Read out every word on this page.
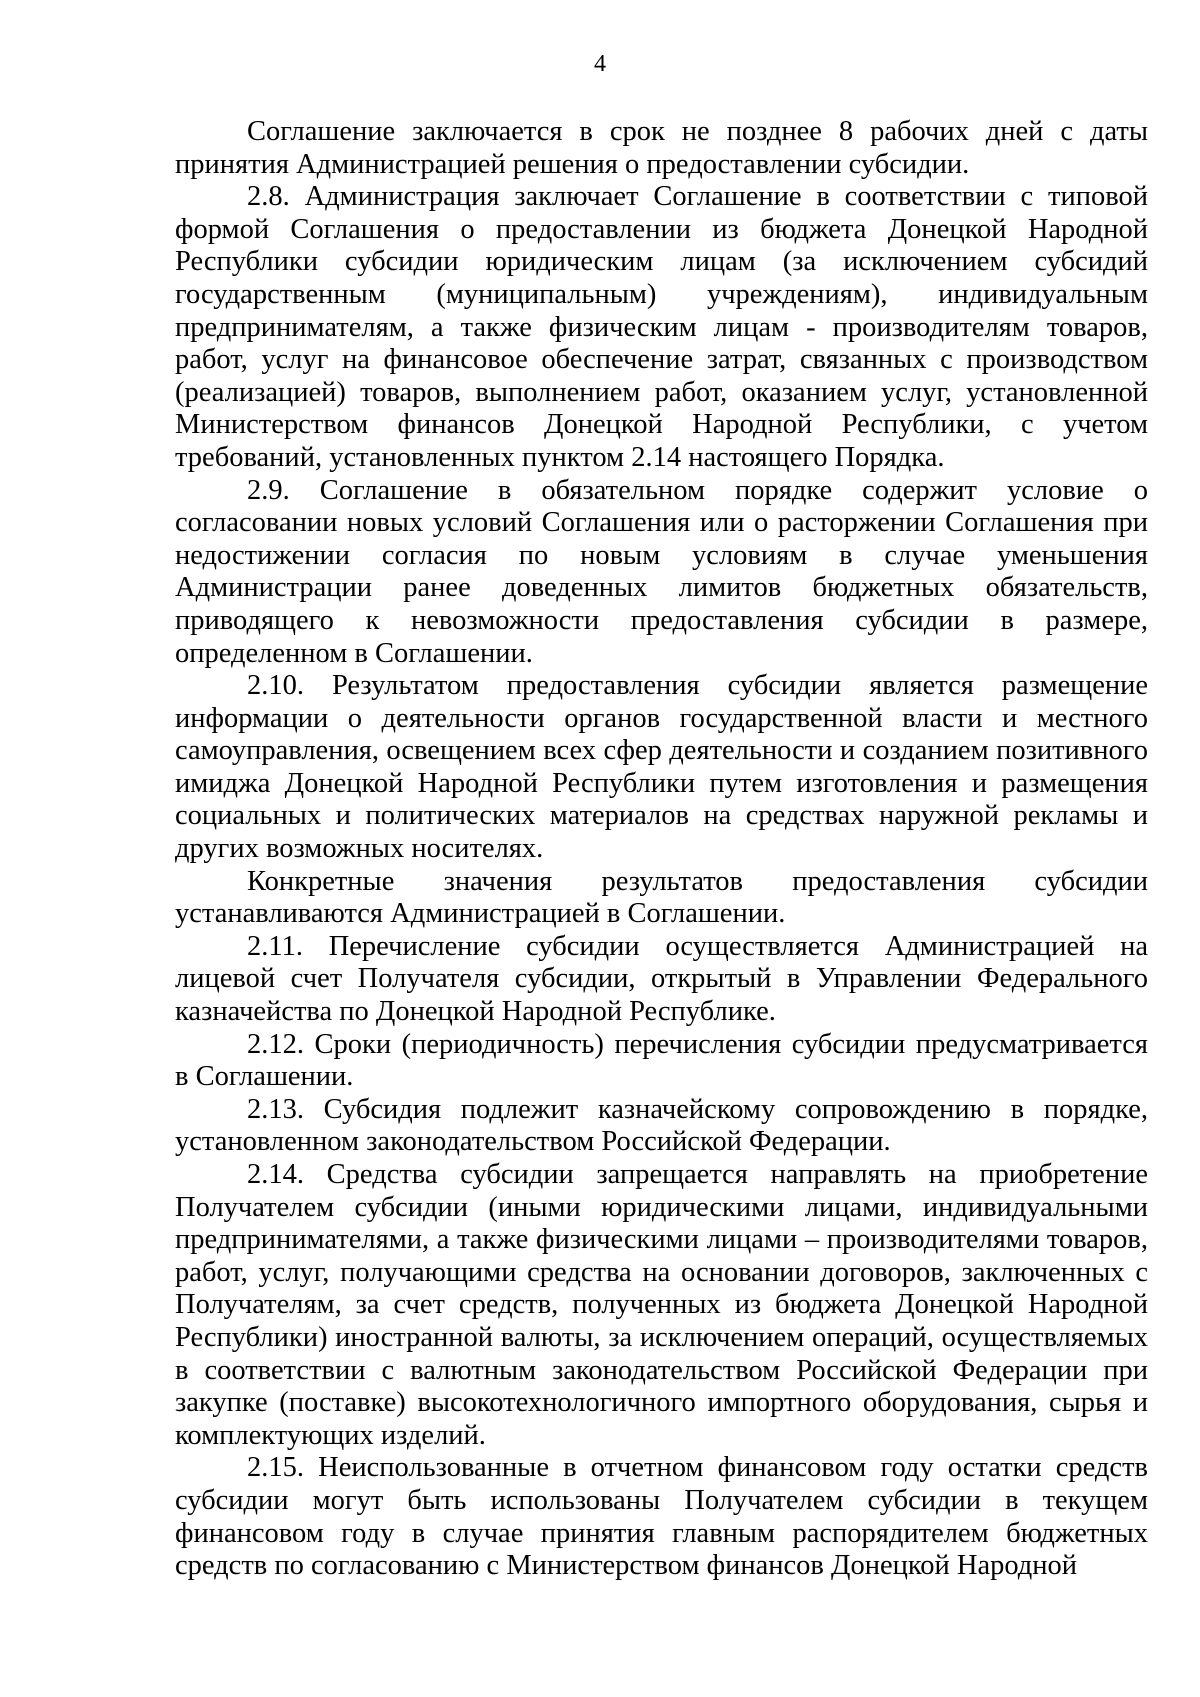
4

Соглашение заключается в срок не позднее 8 рабочих дней с даты принятия Администрацией решения о предоставлении субсидии.

2.8. Администрация заключает Соглашение в соответствии с типовой формой Соглашения о предоставлении из бюджета Донецкой Народной Республики субсидии юридическим лицам (за исключением субсидий государственным (муниципальным) учреждениям), индивидуальным предпринимателям, а также физическим лицам - производителям товаров, работ, услуг на финансовое обеспечение затрат, связанных с производством (реализацией) товаров, выполнением работ, оказанием услуг, установленной Министерством финансов Донецкой Народной Республики, с учетом требований, установленных пунктом 2.14 настоящего Порядка.

2.9. Соглашение в обязательном порядке содержит условие о согласовании новых условий Соглашения или о расторжении Соглашения при недостижении согласия по новым условиям в случае уменьшения Администрации ранее доведенных лимитов бюджетных обязательств, приводящего к невозможности предоставления субсидии в размере, определенном в Соглашении.

2.10. Результатом предоставления субсидии является размещение информации о деятельности органов государственной власти и местного самоуправления, освещением всех сфер деятельности и созданием позитивного имиджа Донецкой Народной Республики путем изготовления и размещения социальных и политических материалов на средствах наружной рекламы и других возможных носителях.

Конкретные значения результатов предоставления субсидии устанавливаются Администрацией в Соглашении.

2.11. Перечисление субсидии осуществляется Администрацией на лицевой счет Получателя субсидии, открытый в Управлении Федерального казначейства по Донецкой Народной Республике.

2.12. Сроки (периодичность) перечисления субсидии предусматривается в Соглашении.

2.13. Субсидия подлежит казначейскому сопровождению в порядке, установленном законодательством Российской Федерации.

2.14. Средства субсидии запрещается направлять на приобретение Получателем субсидии (иными юридическими лицами, индивидуальными предпринимателями, а также физическими лицами – производителями товаров, работ, услуг, получающими средства на основании договоров, заключенных с Получателям, за счет средств, полученных из бюджета Донецкой Народной Республики) иностранной валюты, за исключением операций, осуществляемых в соответствии с валютным законодательством Российской Федерации при закупке (поставке) высокотехнологичного импортного оборудования, сырья и комплектующих изделий.

2.15. Неиспользованные в отчетном финансовом году остатки средств субсидии могут быть использованы Получателем субсидии в текущем финансовом году в случае принятия главным распорядителем бюджетных средств по согласованию с Министерством финансов Донецкой Народной
